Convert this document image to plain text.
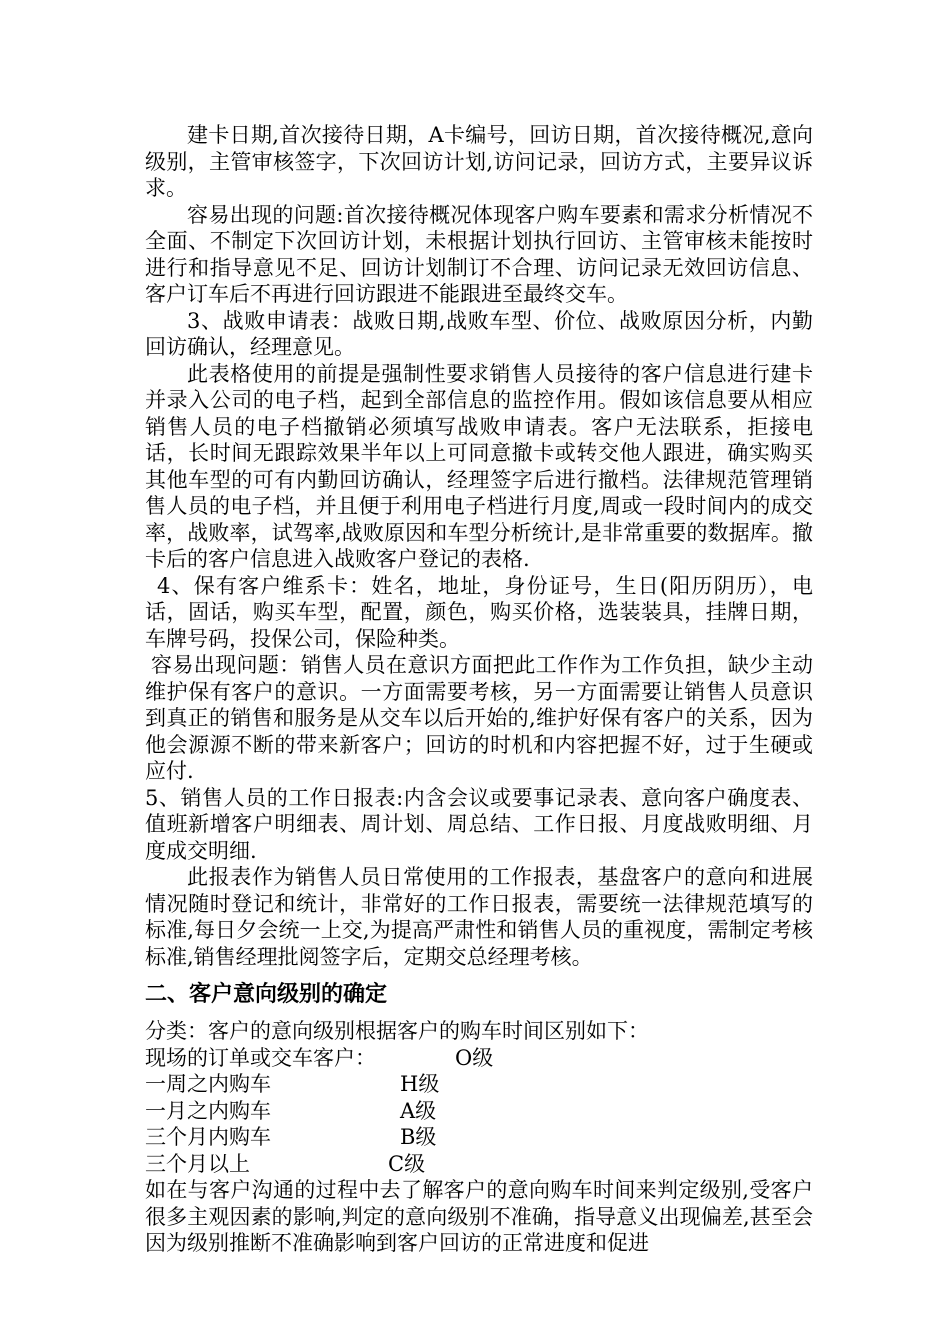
建卡日期,首次接待日期，A卡编号，回访日期，首次接待概况,意向级别，主管审核签字，下次回访计划,访问记录，回访方式，主要异议诉求。

容易出现的问题:首次接待概况体现客户购车要素和需求分析情况不全面、不制定下次回访计划，未根据计划执行回访、主管审核未能按时进行和指导意见不足、回访计划制订不合理、访问记录无效回访信息、客户订车后不再进行回访跟进不能跟进至最终交车。

3、战败申请表：战败日期,战败车型、价位、战败原因分析，内勤回访确认，经理意见。

此表格使用的前提是强制性要求销售人员接待的客户信息进行建卡并录入公司的电子档，起到全部信息的监控作用。假如该信息要从相应销售人员的电子档撤销必须填写战败申请表。客户无法联系，拒接电话，长时间无跟踪效果半年以上可同意撤卡或转交他人跟进，确实购买其他车型的可有内勤回访确认，经理签字后进行撤档。法律规范管理销售人员的电子档，并且便于利用电子档进行月度,周或一段时间内的成交率，战败率，试驾率,战败原因和车型分析统计,是非常重要的数据库。撤卡后的客户信息进入战败客户登记的表格.

4、保有客户维系卡：姓名，地址，身份证号，生日(阳历阴历），电话，固话，购买车型，配置，颜色，购买价格，选装装具，挂牌日期，车牌号码，投保公司，保险种类。

容易出现问题：销售人员在意识方面把此工作作为工作负担，缺少主动维护保有客户的意识。一方面需要考核，另一方面需要让销售人员意识到真正的销售和服务是从交车以后开始的,维护好保有客户的关系，因为他会源源不断的带来新客户；回访的时机和内容把握不好，过于生硬或应付.

5、销售人员的工作日报表:内含会议或要事记录表、意向客户确度表、值班新增客户明细表、周计划、周总结、工作日报、月度战败明细、月度成交明细.

此报表作为销售人员日常使用的工作报表，基盘客户的意向和进展情况随时登记和统计，非常好的工作日报表，需要统一法律规范填写的标准,每日夕会统一上交,为提高严肃性和销售人员的重视度，需制定考核标准,销售经理批阅签字后，定期交总经理考核。

二、客户意向级别的确定

分类：客户的意向级别根据客户的购车时间区别如下：

现场的订单或交车客户：	O级
一周之内购车	H级
一月之内购车	A级
三个月内购车	B级
三个月以上	C级

如在与客户沟通的过程中去了解客户的意向购车时间来判定级别,受客户很多主观因素的影响,判定的意向级别不准确，指导意义出现偏差,甚至会因为级别推断不准确影响到客户回访的正常进度和促进
